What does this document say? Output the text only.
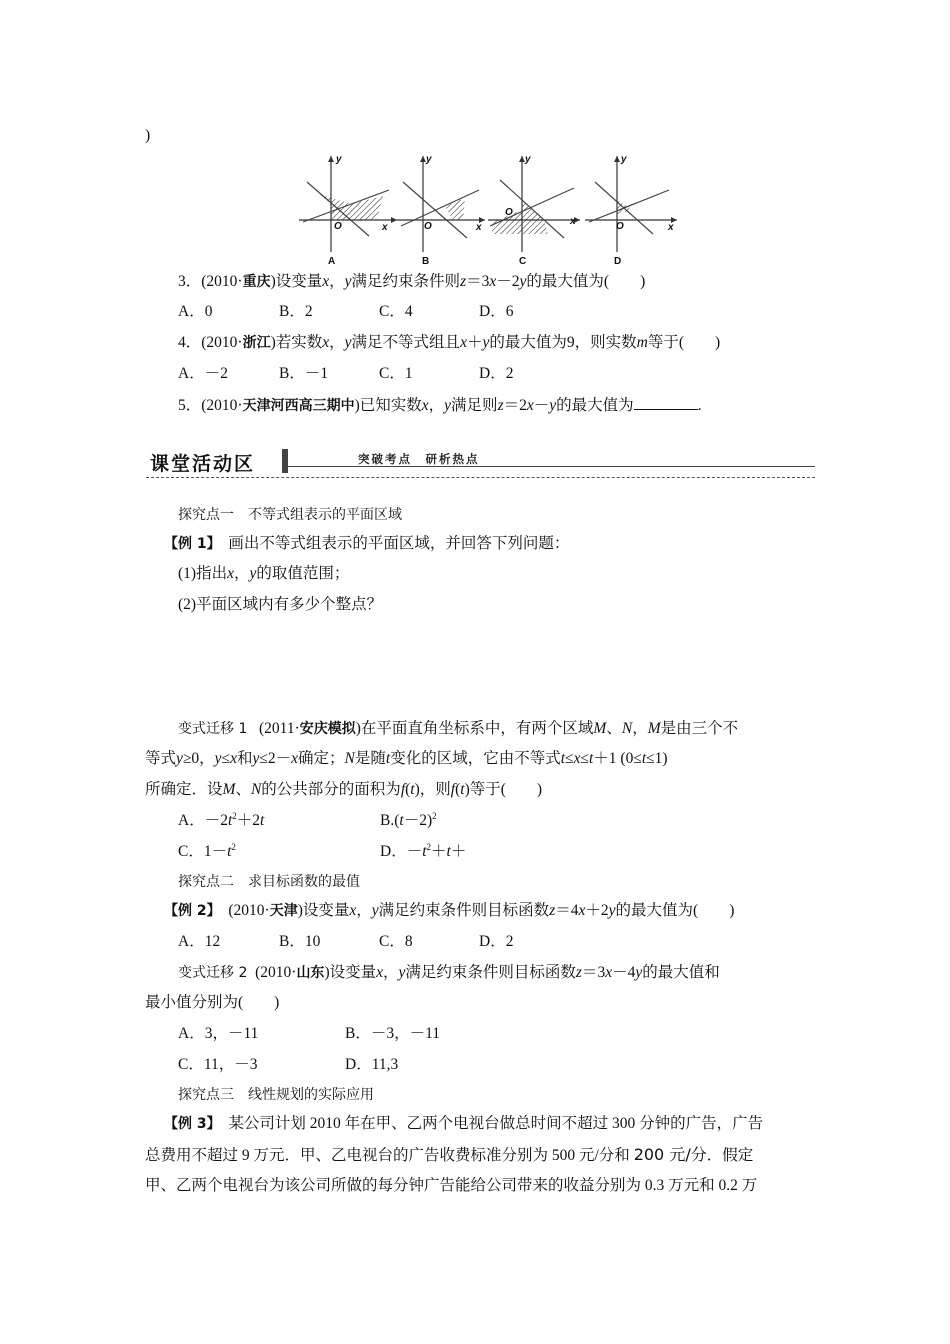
)
y
x
O
A
y
x
O
B
y
x
O
C
y
x
O
D
3．(2010·重庆)设变量x，y满足约束条件则z＝3x－2y的最大值为(　　)
A．0	B．2	C．4	D．6
4．(2010·浙江)若实数x，y满足不等式组且x＋y的最大值为9，则实数m等于(　　)
A．－2	B．－1	C．1	D．2
5．(2010·天津河西高三期中)已知实数x，y满足则z＝2x－y的最大值为	.
课堂活动区	突破考点　研析热点
探究点一　不等式组表示的平面区域
【例 1】 画出不等式组表示的平面区域，并回答下列问题：
(1)指出x，y的取值范围；
(2)平面区域内有多少个整点？
变式迁移 1 (2011·安庆模拟)在平面直角坐标系中，有两个区域M、N，M是由三个不
等式y≥0，y≤x和y≤2－x确定；N是随t变化的区域，它由不等式t≤x≤t＋1 (0≤t≤1)
所确定．设M、N的公共部分的面积为f(t)，则f(t)等于(　　)
A．$-2t^2+2t$	$B.(t-2)^2$
C．$1-t^2$	D．$-t^2+t+$
探究点二　求目标函数的最值
【例 2】 (2010·天津)设变量x，y满足约束条件则目标函数z＝4x＋2y的最大值为(　　)
A．12	B．10	C．8	D．2
变式迁移 2 (2010·山东)设变量x，y满足约束条件则目标函数z＝3x－4y的最大值和
最小值分别为(　　)
A．3，－11	B．－3，－11
C．11，－3	D．11,3
探究点三　线性规划的实际应用
【例 3】 某公司计划 2010 年在甲、乙两个电视台做总时间不超过 300 分钟的广告，广告
总费用不超过 9 万元．甲、乙电视台的广告收费标准分别为 500 元/分和 200 元/分．假定
甲、乙两个电视台为该公司所做的每分钟广告能给公司带来的收益分别为 0.3 万元和 0.2 万
